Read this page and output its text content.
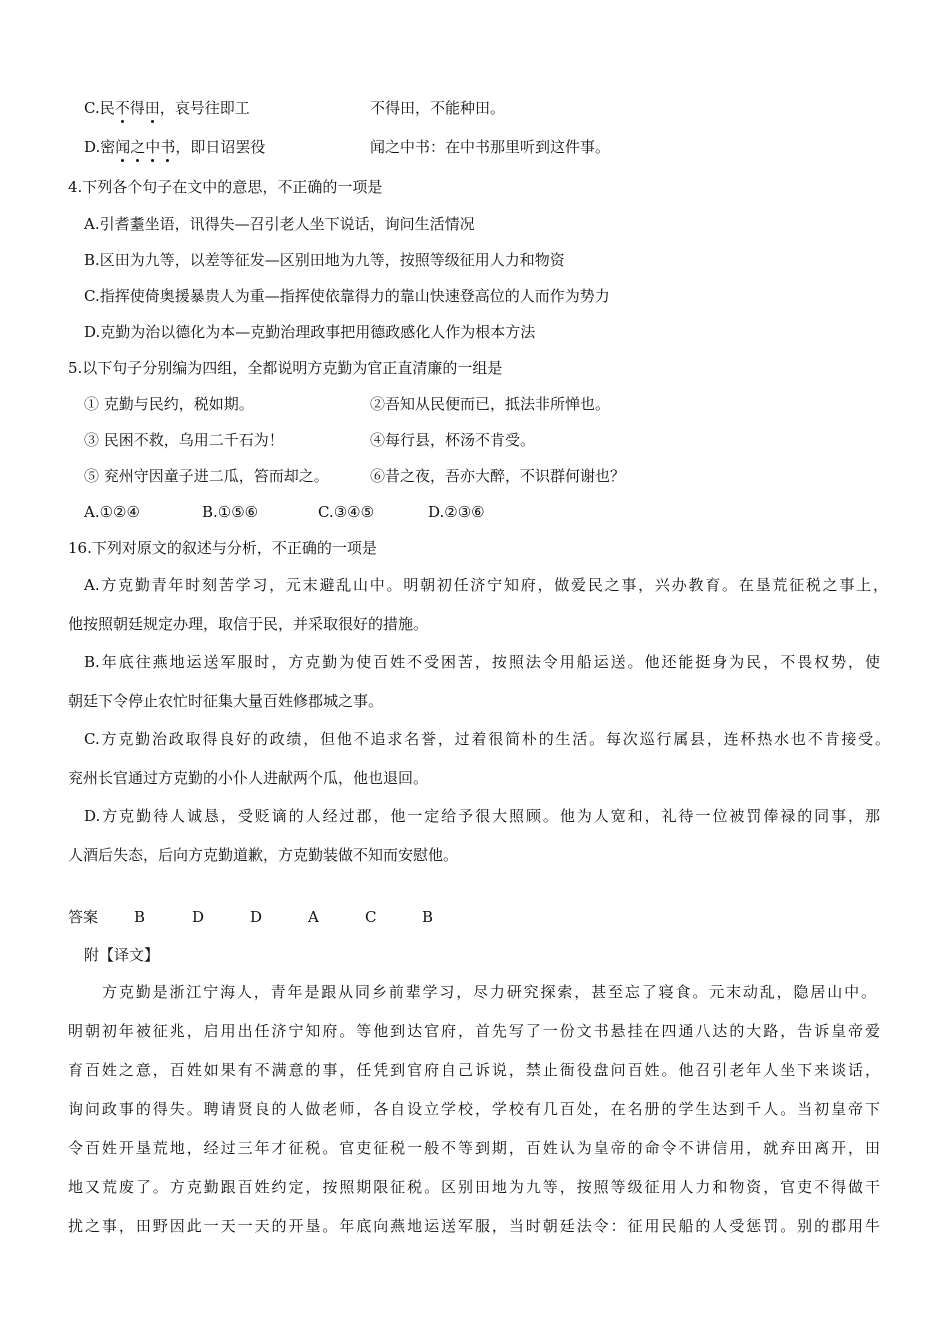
C.民不得田，哀号往即工	不得田，不能种田。
D.密闻之中书，即日诏罢役	闻之中书：在中书那里听到这件事。
4.下列各个句子在文中的意思，不正确的一项是
A.引耆耋坐语，讯得失—召引老人坐下说话，询问生活情况
B.区田为九等，以差等征发—区别田地为九等，按照等级征用人力和物资
C.指挥使倚奥援暴贵人为重—指挥使依靠得力的靠山快速登高位的人而作为势力
D.克勤为治以德化为本—克勤治理政事把用德政感化人作为根本方法
5.以下句子分别编为四组，全都说明方克勤为官正直清廉的一组是
① 克勤与民约，税如期。	②吾知从民便而已，抵法非所惮也。
③ 民困不救，乌用二千石为！	④每行县，杯汤不肯受。
⑤ 兖州守因童子进二瓜，笞而却之。	⑥昔之夜，吾亦大醉，不识群何谢也？
A.①②④	B.①⑤⑥	C.③④⑤	D.②③⑥
16.下列对原文的叙述与分析，不正确的一项是
A.方克勤青年时刻苦学习，元末避乱山中。明朝初任济宁知府，做爱民之事，兴办教育。在垦荒征税之事上，
他按照朝廷规定办理，取信于民，并采取很好的措施。
B.年底往燕地运送军服时，方克勤为使百姓不受困苦，按照法令用船运送。他还能挺身为民，不畏权势，使
朝廷下令停止农忙时征集大量百姓修郡城之事。
C.方克勤治政取得良好的政绩，但他不追求名誉，过着很简朴的生活。每次巡行属县，连杯热水也不肯接受。
兖州长官通过方克勤的小仆人进献两个瓜，他也退回。
D.方克勤待人诚恳，受贬谪的人经过郡，他一定给予很大照顾。他为人宽和，礼待一位被罚俸禄的同事，那
人酒后失态，后向方克勤道歉，方克勤装做不知而安慰他。
答案 B	D	D	A	C	B
附【译文】
方克勤是浙江宁海人，青年是跟从同乡前辈学习，尽力研究探索，甚至忘了寝食。元末动乱，隐居山中。
明朝初年被征兆，启用出任济宁知府。等他到达官府，首先写了一份文书悬挂在四通八达的大路，告诉皇帝爱
育百姓之意，百姓如果有不满意的事，任凭到官府自己诉说，禁止衙役盘问百姓。他召引老年人坐下来谈话，
询问政事的得失。聘请贤良的人做老师，各自设立学校，学校有几百处，在名册的学生达到千人。当初皇帝下
令百姓开垦荒地，经过三年才征税。官吏征税一般不等到期，百姓认为皇帝的命令不讲信用，就弃田离开，田
地又荒废了。方克勤跟百姓约定，按照期限征税。区别田地为九等，按照等级征用人力和物资，官吏不得做干
扰之事，田野因此一天一天的开垦。年底向燕地运送军服，当时朝廷法令：征用民船的人受惩罚。别的郡用牛
